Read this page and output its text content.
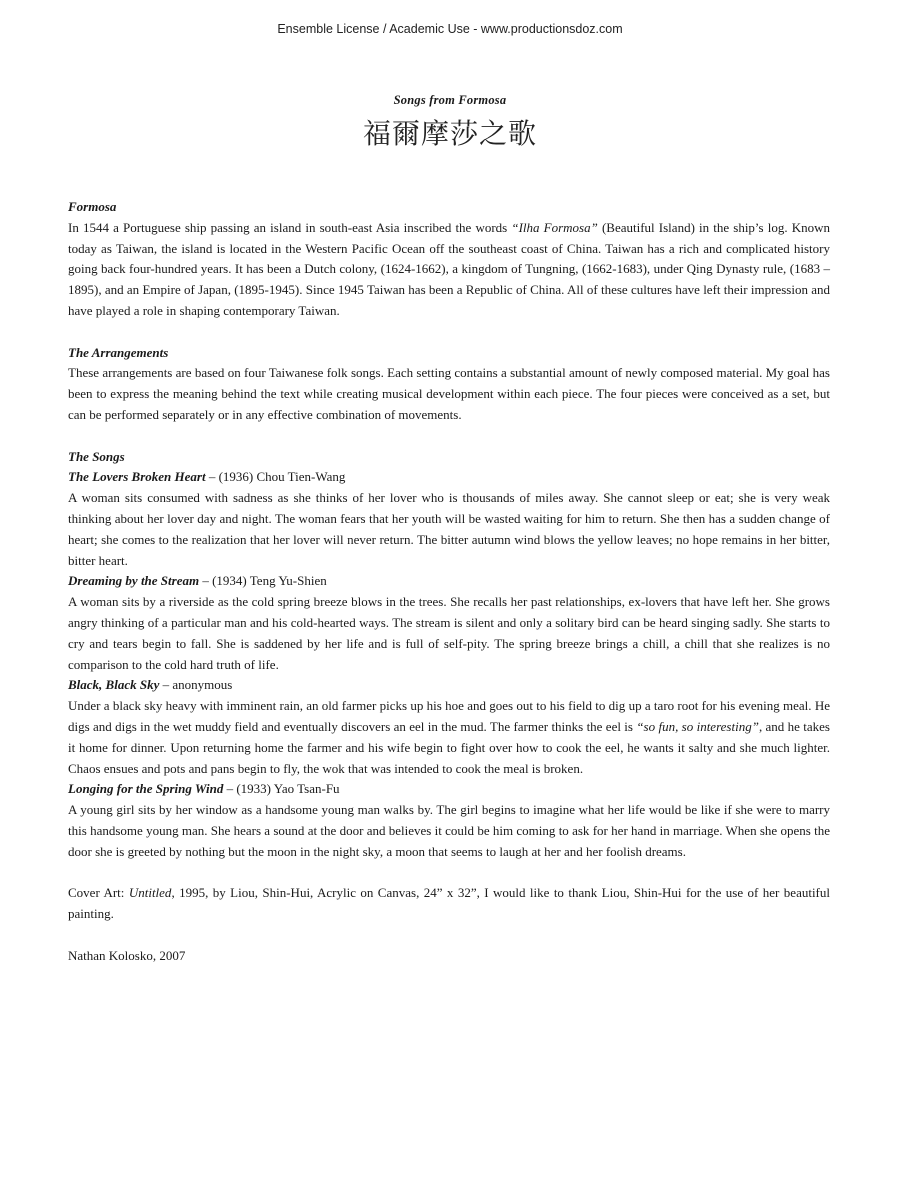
Ensemble License / Academic Use - www.productionsdoz.com
Songs from Formosa
福爾摩莎之歌
Formosa

In 1544 a Portuguese ship passing an island in south-east Asia inscribed the words “Ilha Formosa” (Beautiful Island) in the ship’s log. Known today as Taiwan, the island is located in the Western Pacific Ocean off the southeast coast of China. Taiwan has a rich and complicated history going back four-hundred years. It has been a Dutch colony, (1624-1662), a kingdom of Tungning, (1662-1683), under Qing Dynasty rule, (1683 – 1895), and an Empire of Japan, (1895-1945). Since 1945 Taiwan has been a Republic of China. All of these cultures have left their impression and have played a role in shaping contemporary Taiwan.

The Arrangements

These arrangements are based on four Taiwanese folk songs. Each setting contains a substantial amount of newly composed material. My goal has been to express the meaning behind the text while creating musical development within each piece. The four pieces were conceived as a set, but can be performed separately or in any effective combination of movements.

The Songs
The Lovers Broken Heart – (1936) Chou Tien-Wang

A woman sits consumed with sadness as she thinks of her lover who is thousands of miles away. She cannot sleep or eat; she is very weak thinking about her lover day and night. The woman fears that her youth will be wasted waiting for him to return. She then has a sudden change of heart; she comes to the realization that her lover will never return. The bitter autumn wind blows the yellow leaves; no hope remains in her bitter, bitter heart.

Dreaming by the Stream – (1934) Teng Yu-Shien

A woman sits by a riverside as the cold spring breeze blows in the trees. She recalls her past relationships, ex-lovers that have left her. She grows angry thinking of a particular man and his cold-hearted ways. The stream is silent and only a solitary bird can be heard singing sadly. She starts to cry and tears begin to fall. She is saddened by her life and is full of self-pity. The spring breeze brings a chill, a chill that she realizes is no comparison to the cold hard truth of life.

Black, Black Sky – anonymous

Under a black sky heavy with imminent rain, an old farmer picks up his hoe and goes out to his field to dig up a taro root for his evening meal. He digs and digs in the wet muddy field and eventually discovers an eel in the mud. The farmer thinks the eel is “so fun, so interesting”, and he takes it home for dinner. Upon returning home the farmer and his wife begin to fight over how to cook the eel, he wants it salty and she much lighter. Chaos ensues and pots and pans begin to fly, the wok that was intended to cook the meal is broken.

Longing for the Spring Wind – (1933) Yao Tsan-Fu

A young girl sits by her window as a handsome young man walks by. The girl begins to imagine what her life would be like if she were to marry this handsome young man. She hears a sound at the door and believes it could be him coming to ask for her hand in marriage. When she opens the door she is greeted by nothing but the moon in the night sky, a moon that seems to laugh at her and her foolish dreams.

Cover Art: Untitled, 1995, by Liou, Shin-Hui, Acrylic on Canvas, 24” x 32”, I would like to thank Liou, Shin-Hui for the use of her beautiful painting.

Nathan Kolosko, 2007
